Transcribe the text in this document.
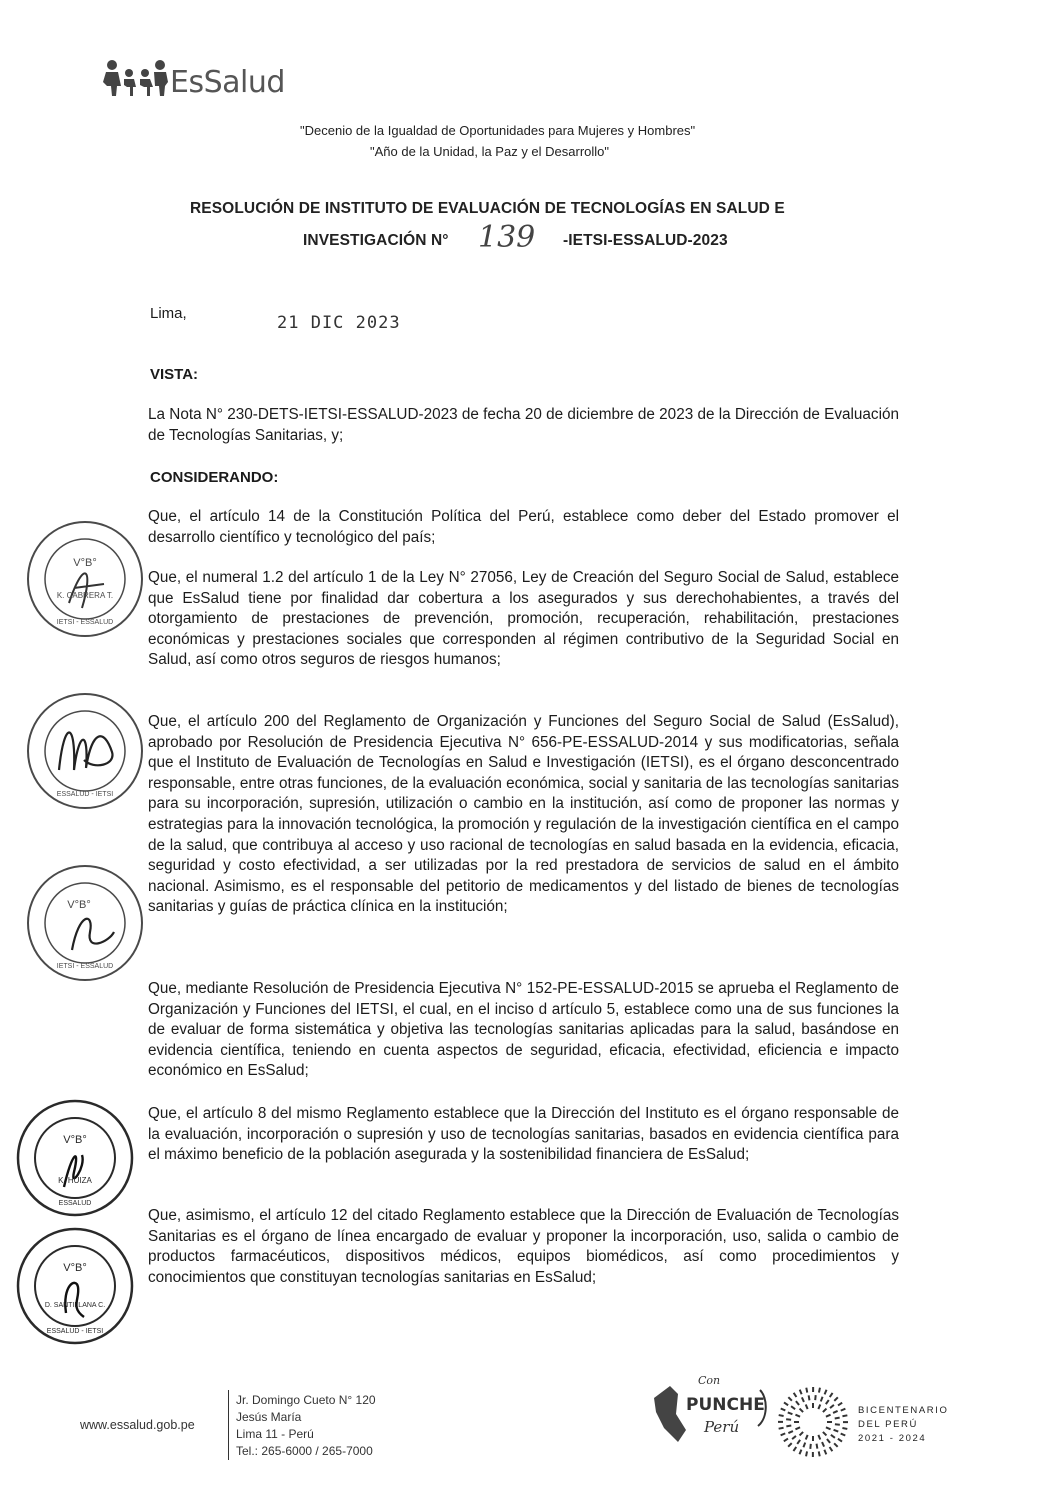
EsSalud
"Decenio de la Igualdad de Oportunidades para Mujeres y Hombres"
"Año de la Unidad, la Paz y el Desarrollo"
RESOLUCIÓN DE INSTITUTO DE EVALUACIÓN DE TECNOLOGÍAS EN SALUD E
INVESTIGACIÓN N° 139 -IETSI-ESSALUD-2023
Lima,	21 DIC 2023
VISTA:
La Nota N° 230-DETS-IETSI-ESSALUD-2023 de fecha 20 de diciembre de 2023 de la Dirección de Evaluación de Tecnologías Sanitarias, y;
CONSIDERANDO:
Que, el artículo 14 de la Constitución Política del Perú, establece como deber del Estado promover el desarrollo científico y tecnológico del país;
Que, el numeral 1.2 del artículo 1 de la Ley N° 27056, Ley de Creación del Seguro Social de Salud, establece que EsSalud tiene por finalidad dar cobertura a los asegurados y sus derechohabientes, a través del otorgamiento de prestaciones de prevención, promoción, recuperación, rehabilitación, prestaciones económicas y prestaciones sociales que corresponden al régimen contributivo de la Seguridad Social en Salud, así como otros seguros de riesgos humanos;
Que, el artículo 200 del Reglamento de Organización y Funciones del Seguro Social de Salud (EsSalud), aprobado por Resolución de Presidencia Ejecutiva N° 656-PE-ESSALUD-2014 y sus modificatorias, señala que el Instituto de Evaluación de Tecnologías en Salud e Investigación (IETSI), es el órgano desconcentrado responsable, entre otras funciones, de la evaluación económica, social y sanitaria de las tecnologías sanitarias para su incorporación, supresión, utilización o cambio en la institución, así como de proponer las normas y estrategias para la innovación tecnológica, la promoción y regulación de la investigación científica en el campo de la salud, que contribuya al acceso y uso racional de tecnologías en salud basada en la evidencia, eficacia, seguridad y costo efectividad, a ser utilizadas por la red prestadora de servicios de salud en el ámbito nacional. Asimismo, es el responsable del petitorio de medicamentos y del listado de bienes de tecnologías sanitarias y guías de práctica clínica en la institución;
Que, mediante Resolución de Presidencia Ejecutiva N° 152-PE-ESSALUD-2015 se aprueba el Reglamento de Organización y Funciones del IETSI, el cual, en el inciso d artículo 5, establece como una de sus funciones la de evaluar de forma sistemática y objetiva las tecnologías sanitarias aplicadas para la salud, basándose en evidencia científica, teniendo en cuenta aspectos de seguridad, eficacia, efectividad, eficiencia e impacto económico en EsSalud;
Que, el artículo 8 del mismo Reglamento establece que la Dirección del Instituto es el órgano responsable de la evaluación, incorporación o supresión y uso de tecnologías sanitarias, basados en evidencia científica para el máximo beneficio de la población asegurada y la sostenibilidad financiera de EsSalud;
Que, asimismo, el artículo 12 del citado Reglamento establece que la Dirección de Evaluación de Tecnologías Sanitarias es el órgano de línea encargado de evaluar y proponer la incorporación, uso, salida o cambio de productos farmacéuticos, dispositivos médicos, equipos biomédicos, así como procedimientos y conocimientos que constituyan tecnologías sanitarias en EsSalud;
V°B°
K. CABRERA T.
IETSI - ESSALUD
ESSALUD - IETSI
V°B°
IETSI - ESSALUD
V°B°
K. HUIZA
ESSALUD
V°B°
D. SANTILLANA C.
ESSALUD - IETSI
www.essalud.gob.pe
Jr. Domingo Cueto N° 120
Jesús María
Lima 11 - Perú
Tel.: 265-6000 / 265-7000
Con
PUNCHE
Perú
BICENTENARIO
DEL PERÚ
2021 - 2024
